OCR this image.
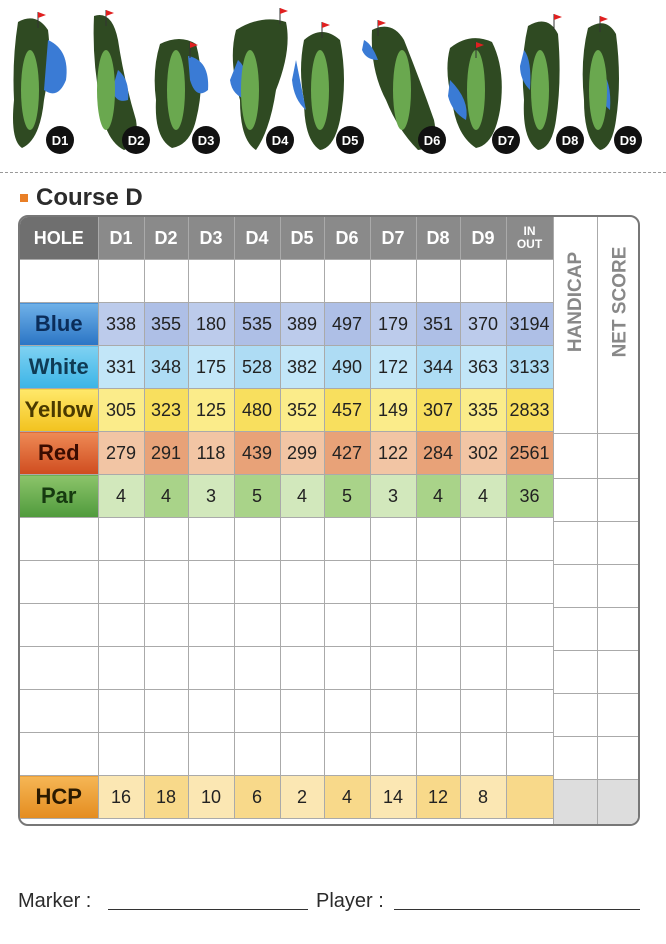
D1	D2	D3	D4	D5	D6	D7	D8	D9
Course D
HOLE	D1	D2	D3	D4	D5	D6	D7	D8	D9	IN
OUT

Blue	338	355	180	535	389	497	179	351	370	3194
White	331	348	175	528	382	490	172	344	363	3133
Yellow	305	323	125	480	352	457	149	307	335	2833
Red	279	291	118	439	299	427	122	284	302	2561
Par	4	4	3	5	4	5	3	4	4	36

HCP	16	18	10	6	2	4	14	12	8	
HANDICAP NET SCORE
Marker :	Player :
